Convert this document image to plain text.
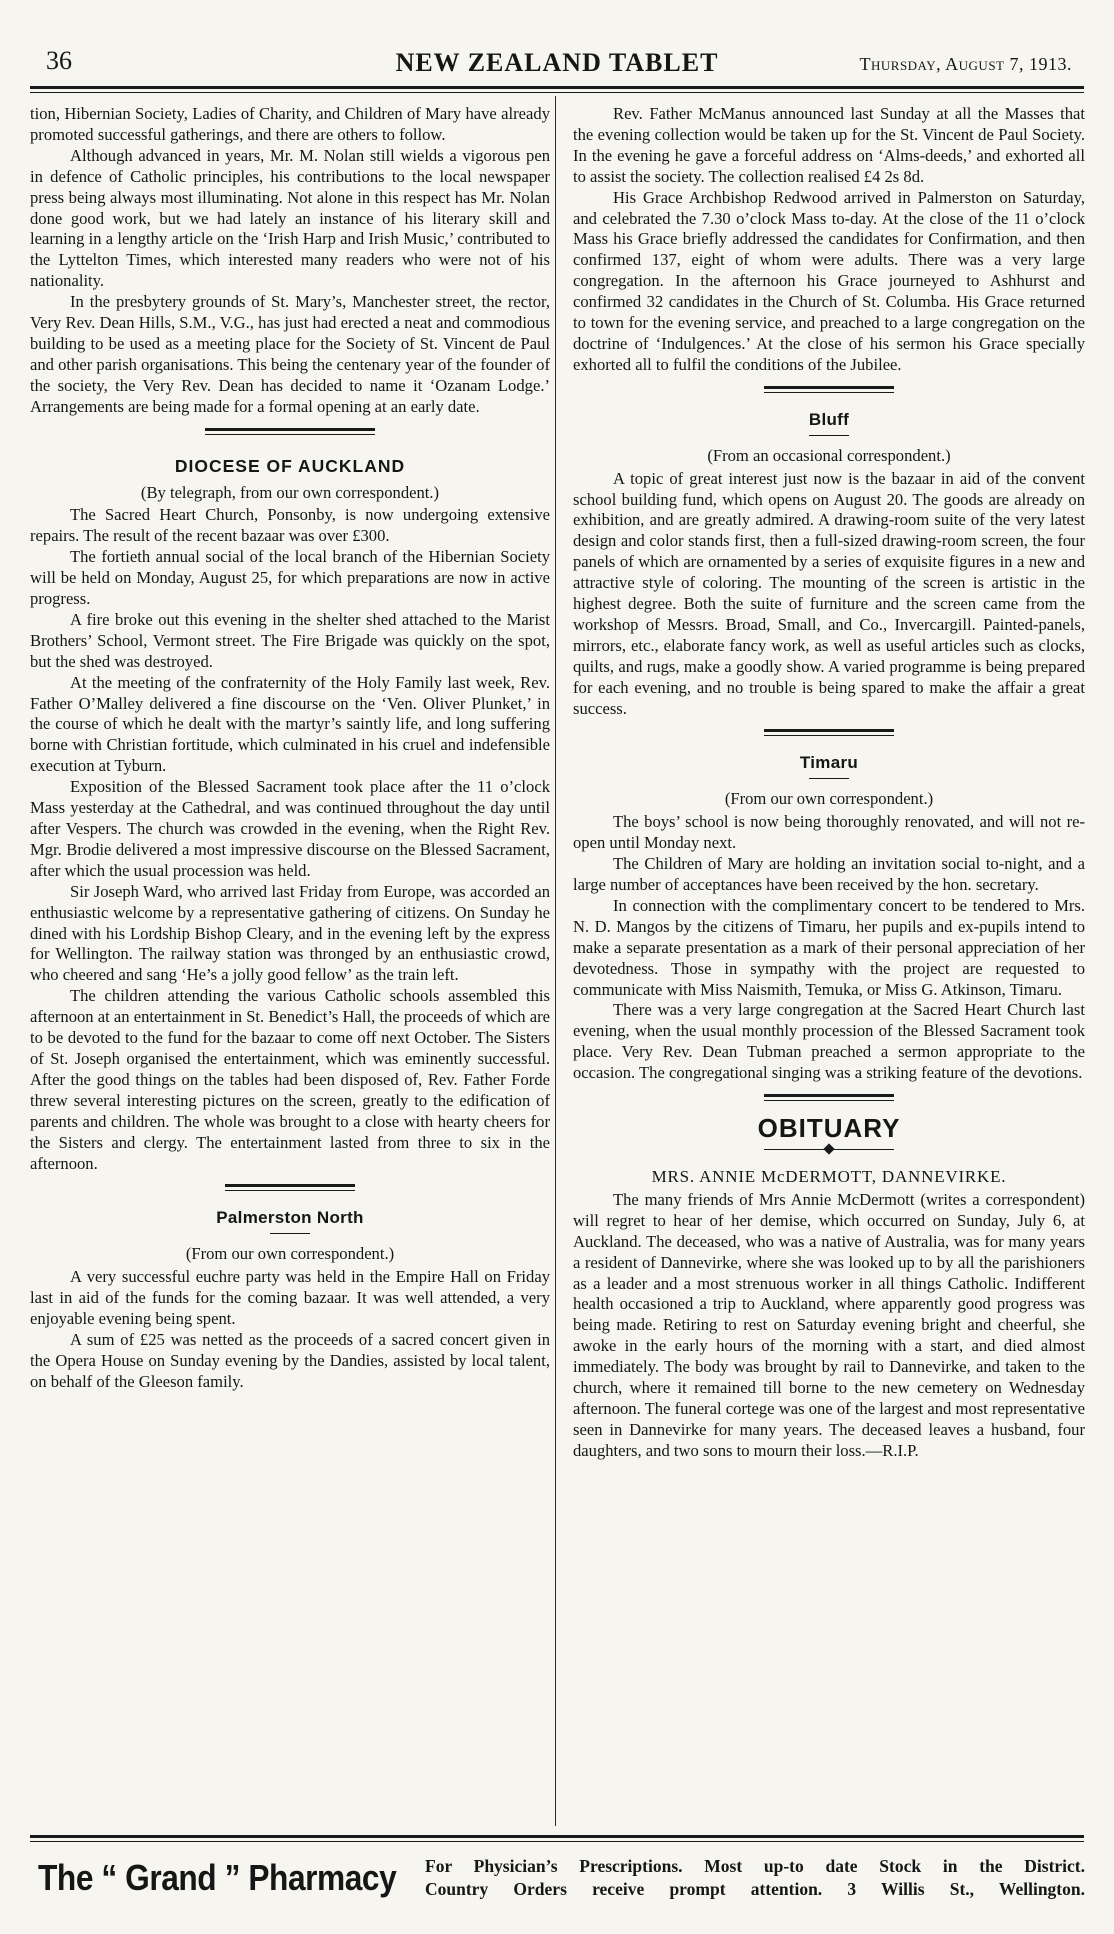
36	NEW ZEALAND TABLET	Thursday, August 7, 1913.

tion, Hibernian Society, Ladies of Charity, and Children of Mary have already promoted successful gatherings, and there are others to follow.

Although advanced in years, Mr. M. Nolan still wields a vigorous pen in defence of Catholic principles, his contributions to the local newspaper press being always most illuminating. Not alone in this respect has Mr. Nolan done good work, but we had lately an instance of his literary skill and learning in a lengthy article on the ‘Irish Harp and Irish Music,’ contributed to the Lyttelton Times, which interested many readers who were not of his nationality.

In the presbytery grounds of St. Mary’s, Manchester street, the rector, Very Rev. Dean Hills, S.M., V.G., has just had erected a neat and commodious building to be used as a meeting place for the Society of St. Vincent de Paul and other parish organisations. This being the centenary year of the founder of the society, the Very Rev. Dean has decided to name it ‘Ozanam Lodge.’ Arrangements are being made for a formal opening at an early date.

DIOCESE OF AUCKLAND
(By telegraph, from our own correspondent.)

The Sacred Heart Church, Ponsonby, is now undergoing extensive repairs. The result of the recent bazaar was over £300.

The fortieth annual social of the local branch of the Hibernian Society will be held on Monday, August 25, for which preparations are now in active progress.

A fire broke out this evening in the shelter shed attached to the Marist Brothers’ School, Vermont street. The Fire Brigade was quickly on the spot, but the shed was destroyed.

At the meeting of the confraternity of the Holy Family last week, Rev. Father O’Malley delivered a fine discourse on the ‘Ven. Oliver Plunket,’ in the course of which he dealt with the martyr’s saintly life, and long suffering borne with Christian fortitude, which culminated in his cruel and indefensible execution at Tyburn.

Exposition of the Blessed Sacrament took place after the 11 o’clock Mass yesterday at the Cathedral, and was continued throughout the day until after Vespers. The church was crowded in the evening, when the Right Rev. Mgr. Brodie delivered a most impressive discourse on the Blessed Sacrament, after which the usual procession was held.

Sir Joseph Ward, who arrived last Friday from Europe, was accorded an enthusiastic welcome by a representative gathering of citizens. On Sunday he dined with his Lordship Bishop Cleary, and in the evening left by the express for Wellington. The railway station was thronged by an enthusiastic crowd, who cheered and sang ‘He’s a jolly good fellow’ as the train left.

The children attending the various Catholic schools assembled this afternoon at an entertainment in St. Benedict’s Hall, the proceeds of which are to be devoted to the fund for the bazaar to come off next October. The Sisters of St. Joseph organised the entertainment, which was eminently successful. After the good things on the tables had been disposed of, Rev. Father Forde threw several interesting pictures on the screen, greatly to the edification of parents and children. The whole was brought to a close with hearty cheers for the Sisters and clergy. The entertainment lasted from three to six in the afternoon.

Palmerston North
(From our own correspondent.)

A very successful euchre party was held in the Empire Hall on Friday last in aid of the funds for the coming bazaar. It was well attended, a very enjoyable evening being spent.

A sum of £25 was netted as the proceeds of a sacred concert given in the Opera House on Sunday evening by the Dandies, assisted by local talent, on behalf of the Gleeson family.

Rev. Father McManus announced last Sunday at all the Masses that the evening collection would be taken up for the St. Vincent de Paul Society. In the evening he gave a forceful address on ‘Alms-deeds,’ and exhorted all to assist the society. The collection realised £4 2s 8d.

His Grace Archbishop Redwood arrived in Palmerston on Saturday, and celebrated the 7.30 o’clock Mass to-day. At the close of the 11 o’clock Mass his Grace briefly addressed the candidates for Confirmation, and then confirmed 137, eight of whom were adults. There was a very large congregation. In the afternoon his Grace journeyed to Ashhurst and confirmed 32 candidates in the Church of St. Columba. His Grace returned to town for the evening service, and preached to a large congregation on the doctrine of ‘Indulgences.’ At the close of his sermon his Grace specially exhorted all to fulfil the conditions of the Jubilee.

Bluff
(From an occasional correspondent.)

A topic of great interest just now is the bazaar in aid of the convent school building fund, which opens on August 20. The goods are already on exhibition, and are greatly admired. A drawing-room suite of the very latest design and color stands first, then a full-sized drawing-room screen, the four panels of which are ornamented by a series of exquisite figures in a new and attractive style of coloring. The mounting of the screen is artistic in the highest degree. Both the suite of furniture and the screen came from the workshop of Messrs. Broad, Small, and Co., Invercargill. Painted-panels, mirrors, etc., elaborate fancy work, as well as useful articles such as clocks, quilts, and rugs, make a goodly show. A varied programme is being prepared for each evening, and no trouble is being spared to make the affair a great success.

Timaru
(From our own correspondent.)

The boys’ school is now being thoroughly renovated, and will not re-open until Monday next.

The Children of Mary are holding an invitation social to-night, and a large number of acceptances have been received by the hon. secretary.

In connection with the complimentary concert to be tendered to Mrs. N. D. Mangos by the citizens of Timaru, her pupils and ex-pupils intend to make a separate presentation as a mark of their personal appreciation of her devotedness. Those in sympathy with the project are requested to communicate with Miss Naismith, Temuka, or Miss G. Atkinson, Timaru.

There was a very large congregation at the Sacred Heart Church last evening, when the usual monthly procession of the Blessed Sacrament took place. Very Rev. Dean Tubman preached a sermon appropriate to the occasion. The congregational singing was a striking feature of the devotions.

OBITUARY
MRS. ANNIE McDERMOTT, DANNEVIRKE.

The many friends of Mrs Annie McDermott (writes a correspondent) will regret to hear of her demise, which occurred on Sunday, July 6, at Auckland. The deceased, who was a native of Australia, was for many years a resident of Dannevirke, where she was looked up to by all the parishioners as a leader and a most strenuous worker in all things Catholic. Indifferent health occasioned a trip to Auckland, where apparently good progress was being made. Retiring to rest on Saturday evening bright and cheerful, she awoke in the early hours of the morning with a start, and died almost immediately. The body was brought by rail to Dannevirke, and taken to the church, where it remained till borne to the new cemetery on Wednesday afternoon. The funeral cortege was one of the largest and most representative seen in Dannevirke for many years. The deceased leaves a husband, four daughters, and two sons to mourn their loss.—R.I.P.

The “ Grand ” Pharmacy For Physician’s Prescriptions. Most up-to date Stock in the District.
Country Orders receive prompt attention. 3 Willis St., Wellington.
